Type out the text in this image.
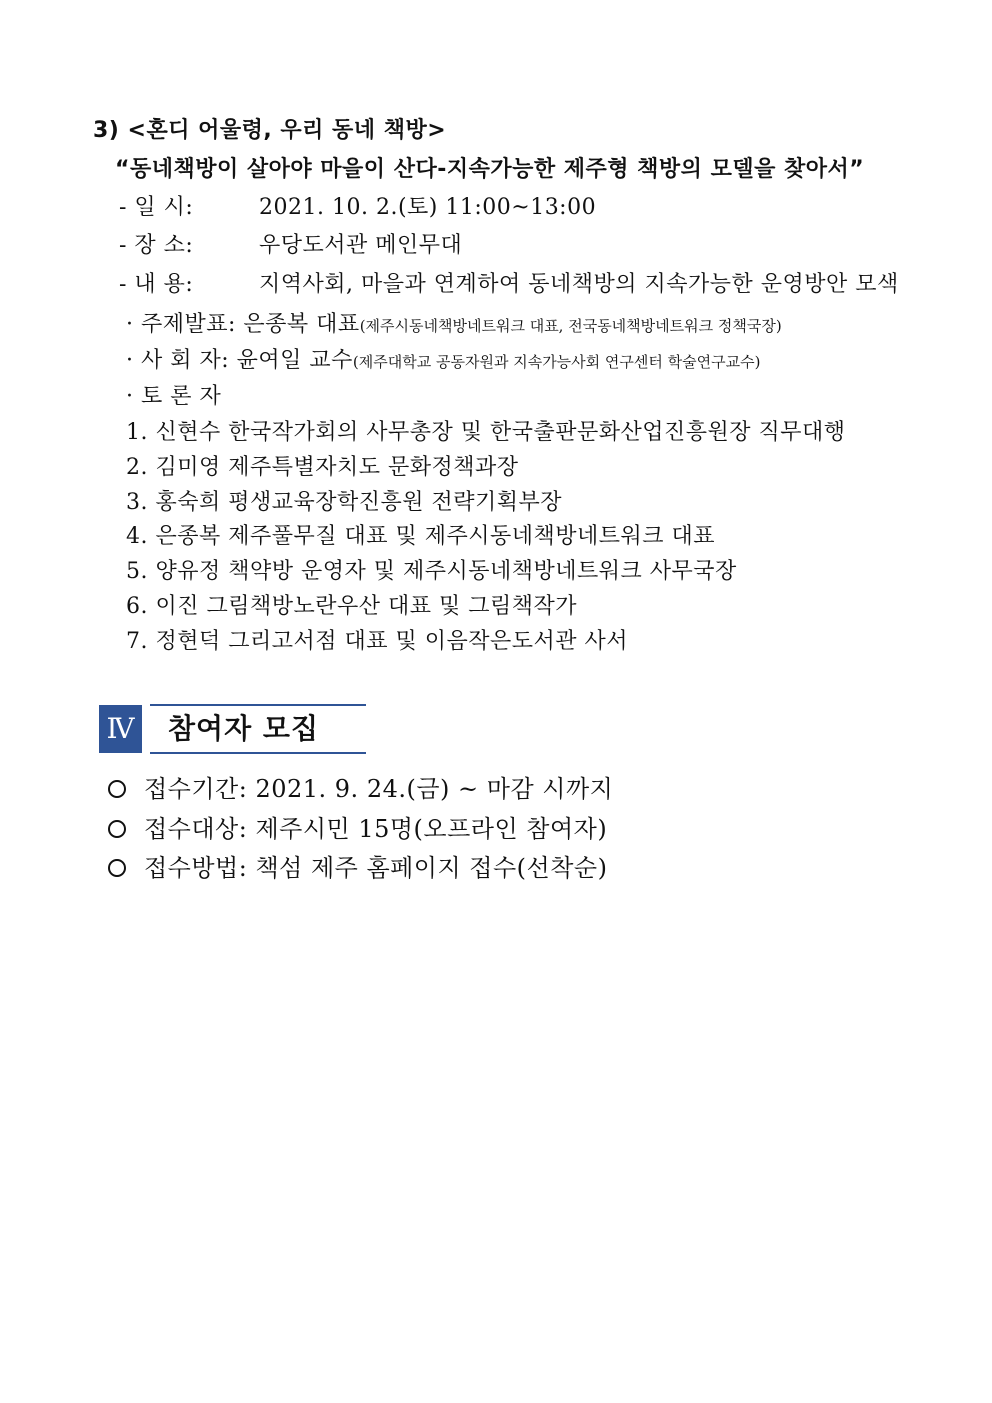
3) <혼디 어울령, 우리 동네 책방>
“동네책방이 살아야 마을이 산다-지속가능한 제주형 책방의 모델을 찾아서”
- 일 시:	2021. 10. 2.(토) 11:00~13:00
- 장 소:	우당도서관 메인무대
- 내 용:	지역사회, 마을과 연계하여 동네책방의 지속가능한 운영방안 모색
· 주제발표: 은종복 대표(제주시동네책방네트워크 대표, 전국동네책방네트워크 정책국장)
· 사 회 자: 윤여일 교수(제주대학교 공동자원과 지속가능사회 연구센터 학술연구교수)
· 토 론 자
1. 신현수 한국작가회의 사무총장 및 한국출판문화산업진흥원장 직무대행
2. 김미영 제주특별자치도 문화정책과장
3. 홍숙희 평생교육장학진흥원 전략기획부장
4. 은종복 제주풀무질 대표 및 제주시동네책방네트워크 대표
5. 양유정 책약방 운영자 및 제주시동네책방네트워크 사무국장
6. 이진 그림책방노란우산 대표 및 그림책작가
7. 정현덕 그리고서점 대표 및 이음작은도서관 사서
Ⅳ	참여자 모집
접수기간: 2021. 9. 24.(금) ~ 마감 시까지
접수대상: 제주시민 15명(오프라인 참여자)
접수방법: 책섬 제주 홈페이지 접수(선착순)
